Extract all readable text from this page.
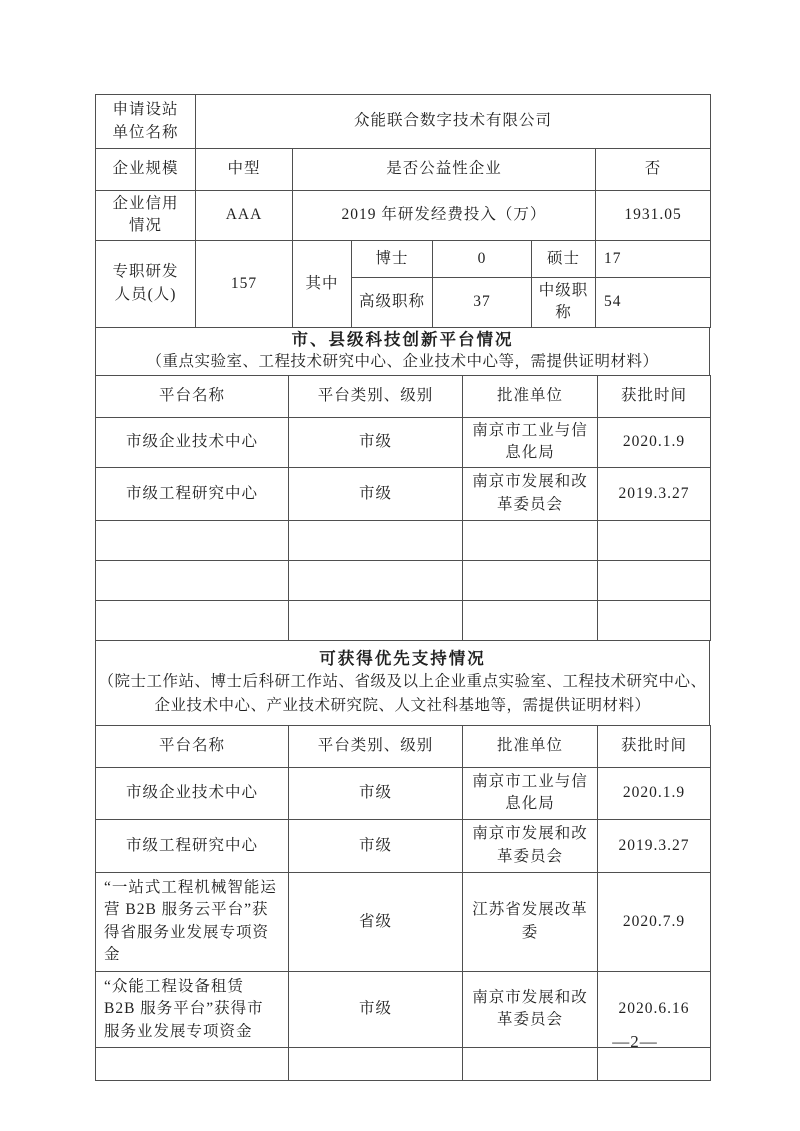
申请设站单位名称	众能联合数字技术有限公司					
企业规模	中型	是否公益性企业				否
企业信用情况	AAA	2019 年研发经费投入（万）				1931.05
专职研发人员(人)	157	其中	博士	0	硕士	17
			高级职称	37	中级职称	54
市、县级科技创新平台情况
（重点实验室、工程技术研究中心、企业技术中心等，需提供证明材料）
平台名称	平台类别、级别	批准单位	获批时间
市级企业技术中心	市级	南京市工业与信息化局	2020.1.9
市级工程研究中心	市级	南京市发展和改革委员会	2019.3.27

可获得优先支持情况
（院士工作站、博士后科研工作站、省级及以上企业重点实验室、工程技术研究中心、企业技术中心、产业技术研究院、人文社科基地等，需提供证明材料）
平台名称	平台类别、级别	批准单位	获批时间
市级企业技术中心	市级	南京市工业与信息化局	2020.1.9
市级工程研究中心	市级	南京市发展和改革委员会	2019.3.27
“一站式工程机械智能运营 B2B 服务云平台”获得省服务业发展专项资金	省级	江苏省发展改革委	2020.7.9
“众能工程设备租赁 B2B 服务平台”获得市服务业发展专项资金	市级	南京市发展和改革委员会	2020.6.16

—2—
